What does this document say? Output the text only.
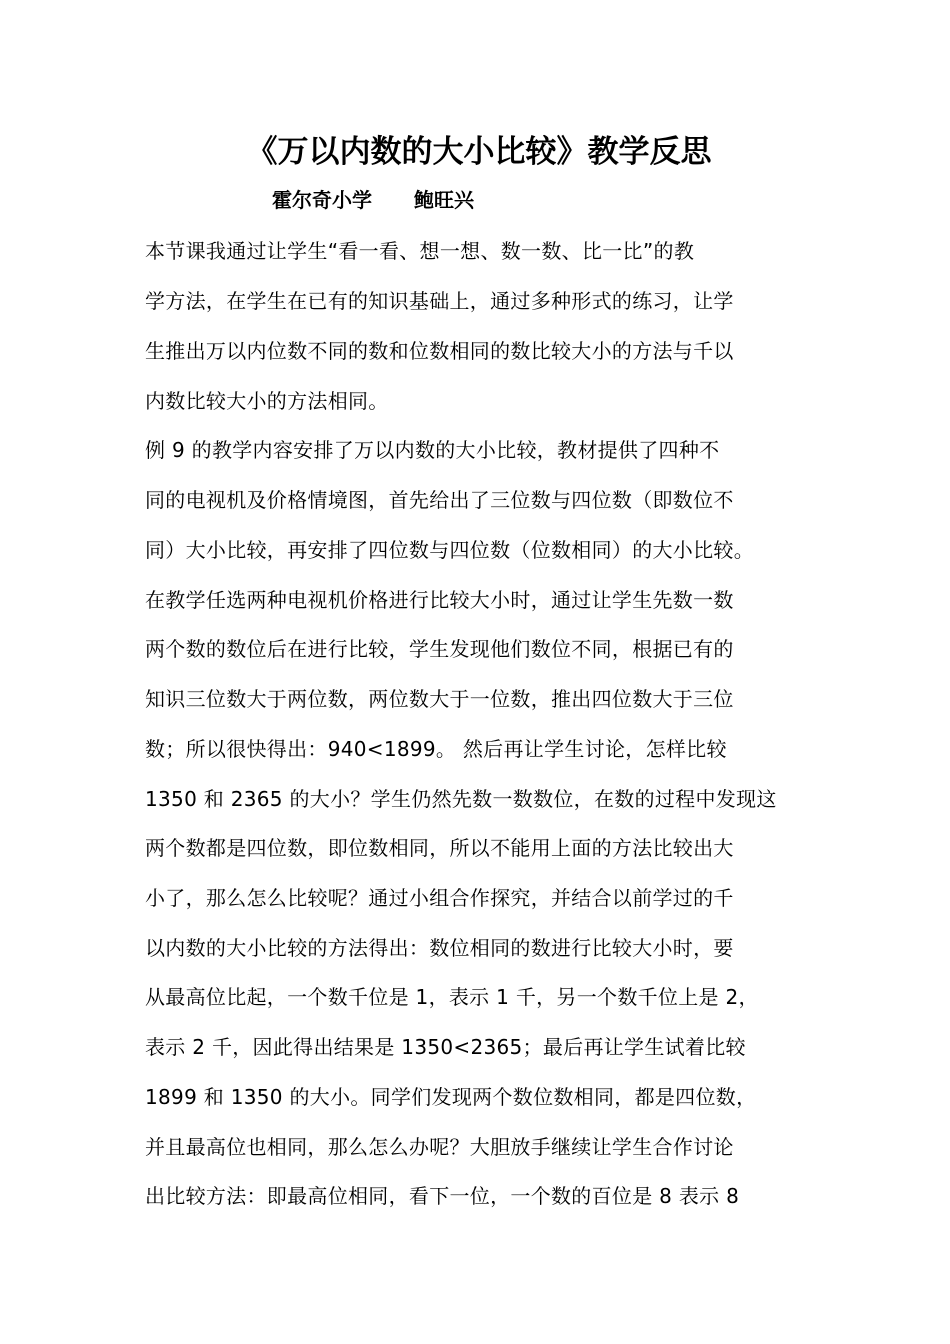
《万以内数的大小比较》教学反思
霍尔奇小学 鲍旺兴
本节课我通过让学生“看一看、想一想、数一数、比一比”的教
学方法，在学生在已有的知识基础上，通过多种形式的练习，让学
生推出万以内位数不同的数和位数相同的数比较大小的方法与千以
内数比较大小的方法相同。
例 9 的教学内容安排了万以内数的大小比较，教材提供了四种不
同的电视机及价格情境图，首先给出了三位数与四位数（即数位不
同）大小比较，再安排了四位数与四位数（位数相同）的大小比较。
在教学任选两种电视机价格进行比较大小时，通过让学生先数一数
两个数的数位后在进行比较，学生发现他们数位不同，根据已有的
知识三位数大于两位数，两位数大于一位数，推出四位数大于三位
数；所以很快得出：940<1899。 然后再让学生讨论，怎样比较
1350 和 2365 的大小？学生仍然先数一数数位，在数的过程中发现这
两个数都是四位数，即位数相同，所以不能用上面的方法比较出大
小了，那么怎么比较呢？通过小组合作探究，并结合以前学过的千
以内数的大小比较的方法得出：数位相同的数进行比较大小时，要
从最高位比起，一个数千位是 1，表示 1 千，另一个数千位上是 2，
表示 2 千，因此得出结果是 1350<2365；最后再让学生试着比较
1899 和 1350 的大小。同学们发现两个数位数相同，都是四位数，
并且最高位也相同，那么怎么办呢？大胆放手继续让学生合作讨论
出比较方法：即最高位相同，看下一位，一个数的百位是 8 表示 8
